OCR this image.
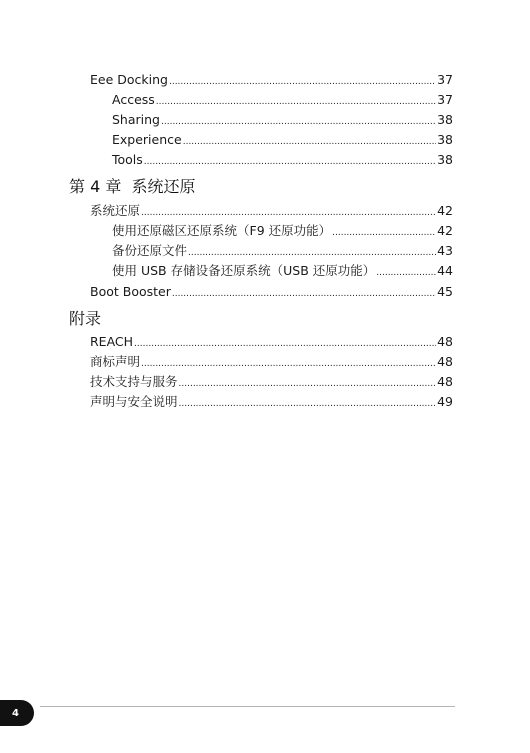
Eee Docking .....	37
Access .....	37
Sharing .....	38
Experience .....	38
Tools .....	38
第 4 章  系统还原
系统还原 .....	42
使用还原磁区还原系统（F9 还原功能） .....	42
备份还原文件 .....	43
使用 USB 存储设备还原系统（USB 还原功能） .....	44
Boot Booster .....	45
附录
REACH .....	48
商标声明 .....	48
技术支持与服务 .....	48
声明与安全说明 .....	49
4
